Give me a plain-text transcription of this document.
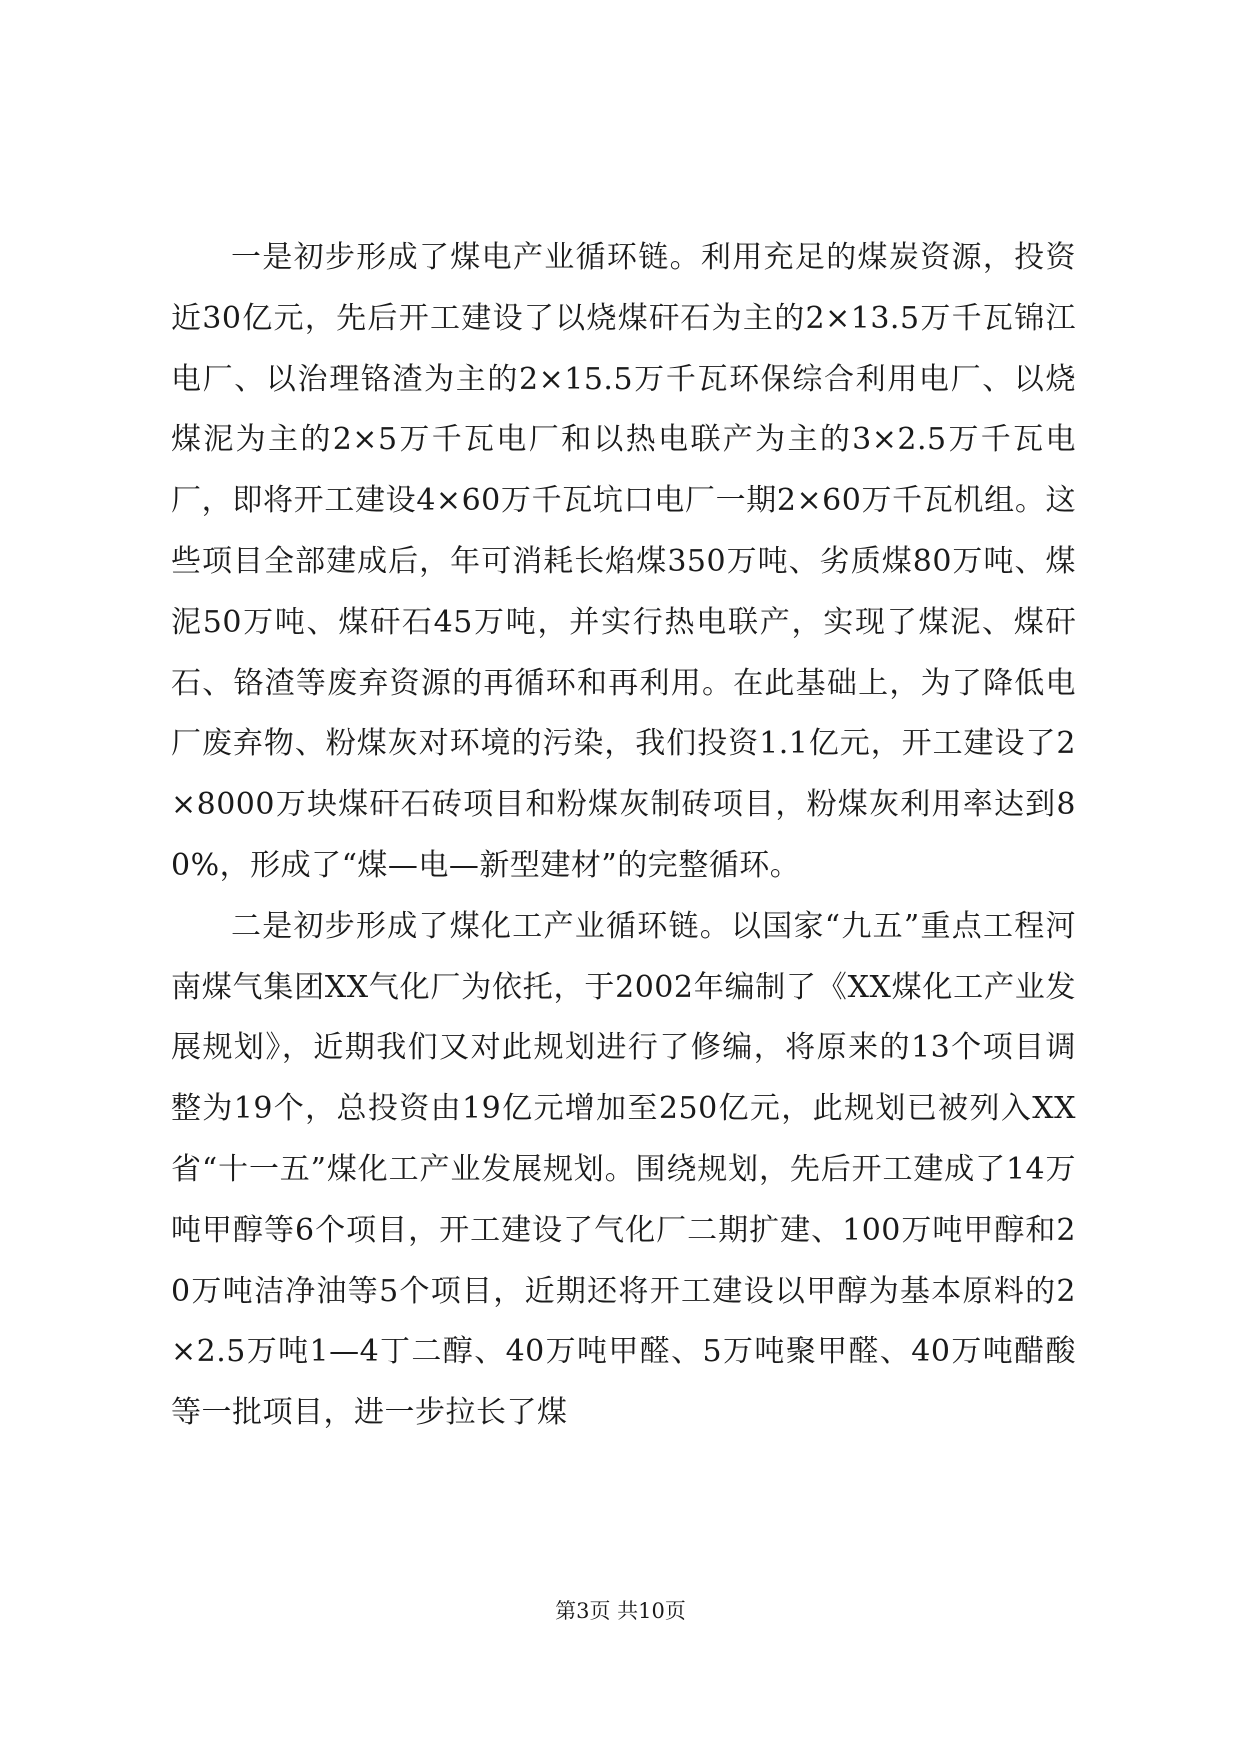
一是初步形成了煤电产业循环链。利用充足的煤炭资源，投资近30亿元，先后开工建设了以烧煤矸石为主的2×13.5万千瓦锦江电厂、以治理铬渣为主的2×15.5万千瓦环保综合利用电厂、以烧煤泥为主的2×5万千瓦电厂和以热电联产为主的3×2.5万千瓦电厂，即将开工建设4×60万千瓦坑口电厂一期2×60万千瓦机组。这些项目全部建成后，年可消耗长焰煤350万吨、劣质煤80万吨、煤泥50万吨、煤矸石45万吨，并实行热电联产，实现了煤泥、煤矸石、铬渣等废弃资源的再循环和再利用。在此基础上，为了降低电厂废弃物、粉煤灰对环境的污染，我们投资1.1亿元，开工建设了2×8000万块煤矸石砖项目和粉煤灰制砖项目，粉煤灰利用率达到80%，形成了“煤—电—新型建材”的完整循环。

二是初步形成了煤化工产业循环链。以国家“九五”重点工程河南煤气集团XX气化厂为依托，于2002年编制了《XX煤化工产业发展规划》，近期我们又对此规划进行了修编，将原来的13个项目调整为19个，总投资由19亿元增加至250亿元，此规划已被列入XX省“十一五”煤化工产业发展规划。围绕规划，先后开工建成了14万吨甲醇等6个项目，开工建设了气化厂二期扩建、100万吨甲醇和20万吨洁净油等5个项目，近期还将开工建设以甲醇为基本原料的2×2.5万吨1—4丁二醇、40万吨甲醛、5万吨聚甲醛、40万吨醋酸等一批项目，进一步拉长了煤

第3页 共10页
